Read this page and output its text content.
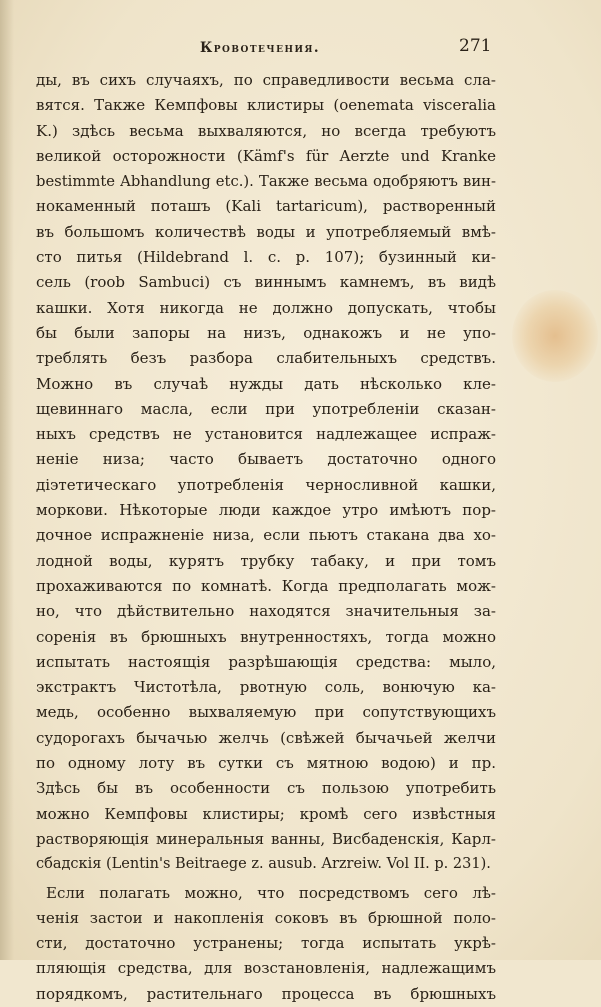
Кровотечения.	271
ды, въ сихъ случаяхъ, по справедливости весьма сла-
вятся. Также Кемпфовы клистиры (oenemata visceralia
K.) здѣсь весьма выхваляются, но всегда требуютъ
великой осторожности (Kämf's für Aerzte und Kranke
bestimmte Abhandlung etc.). Также весьма одобряютъ вин-
нокаменный поташъ (Kali tartaricum), растворенный
въ большомъ количествѣ воды и употребляемый вмѣ-
сто питья (Hildebrand l. c. p. 107); бузинный ки-
сель (roob Sambuci) съ виннымъ камнемъ, въ видѣ
кашки. Хотя никогда не должно допускать, чтобы
бы были запоры на низъ, однакожъ и не упо-
треблять безъ разбора слабительныхъ средствъ.
Можно въ случаѣ нужды дать нѣсколько кле-
щевиннаго масла, если при употребленіи сказан-
ныхъ средствъ не установится надлежащее испраж-
неніе низа; часто бываетъ достаточно одного
діэтетическаго употребленія черносливной кашки,
моркови. Нѣкоторые люди каждое утро имѣютъ пор-
дочное испражненіе низа, если пьютъ стакана два хо-
лодной воды, курятъ трубку табаку, и при томъ
прохаживаются по комнатѣ. Когда предполагать мож-
но, что дѣйствительно находятся значительныя за-
соренія въ брюшныхъ внутренностяхъ, тогда можно
испытать настоящія разрѣшающія средства: мыло,
экстрактъ Чистотѣла, рвотную соль, вонючую ка-
медь, особенно выхваляемую при сопутствующихъ
судорогахъ бычачью желчь (свѣжей бычачьей желчи
по одному лоту въ сутки съ мятною водою) и пр.
Здѣсь бы въ особенности съ пользою употребить
можно Кемпфовы клистиры; кромѣ сего извѣстныя
растворяющія минеральныя ванны, Висбаденскія, Карл-
сбадскія (Lentin's Beitraege z. ausub. Arzreiw. Vol II. p. 231).
Если полагать можно, что посредствомъ сего лѣ-
ченія застои и накопленія соковъ въ брюшной поло-
сти, достаточно устранены; тогда испытать укрѣ-
пляющія средства, для возстановленія, надлежащимъ
порядкомъ, растительнаго процесса въ брюшныхъ
